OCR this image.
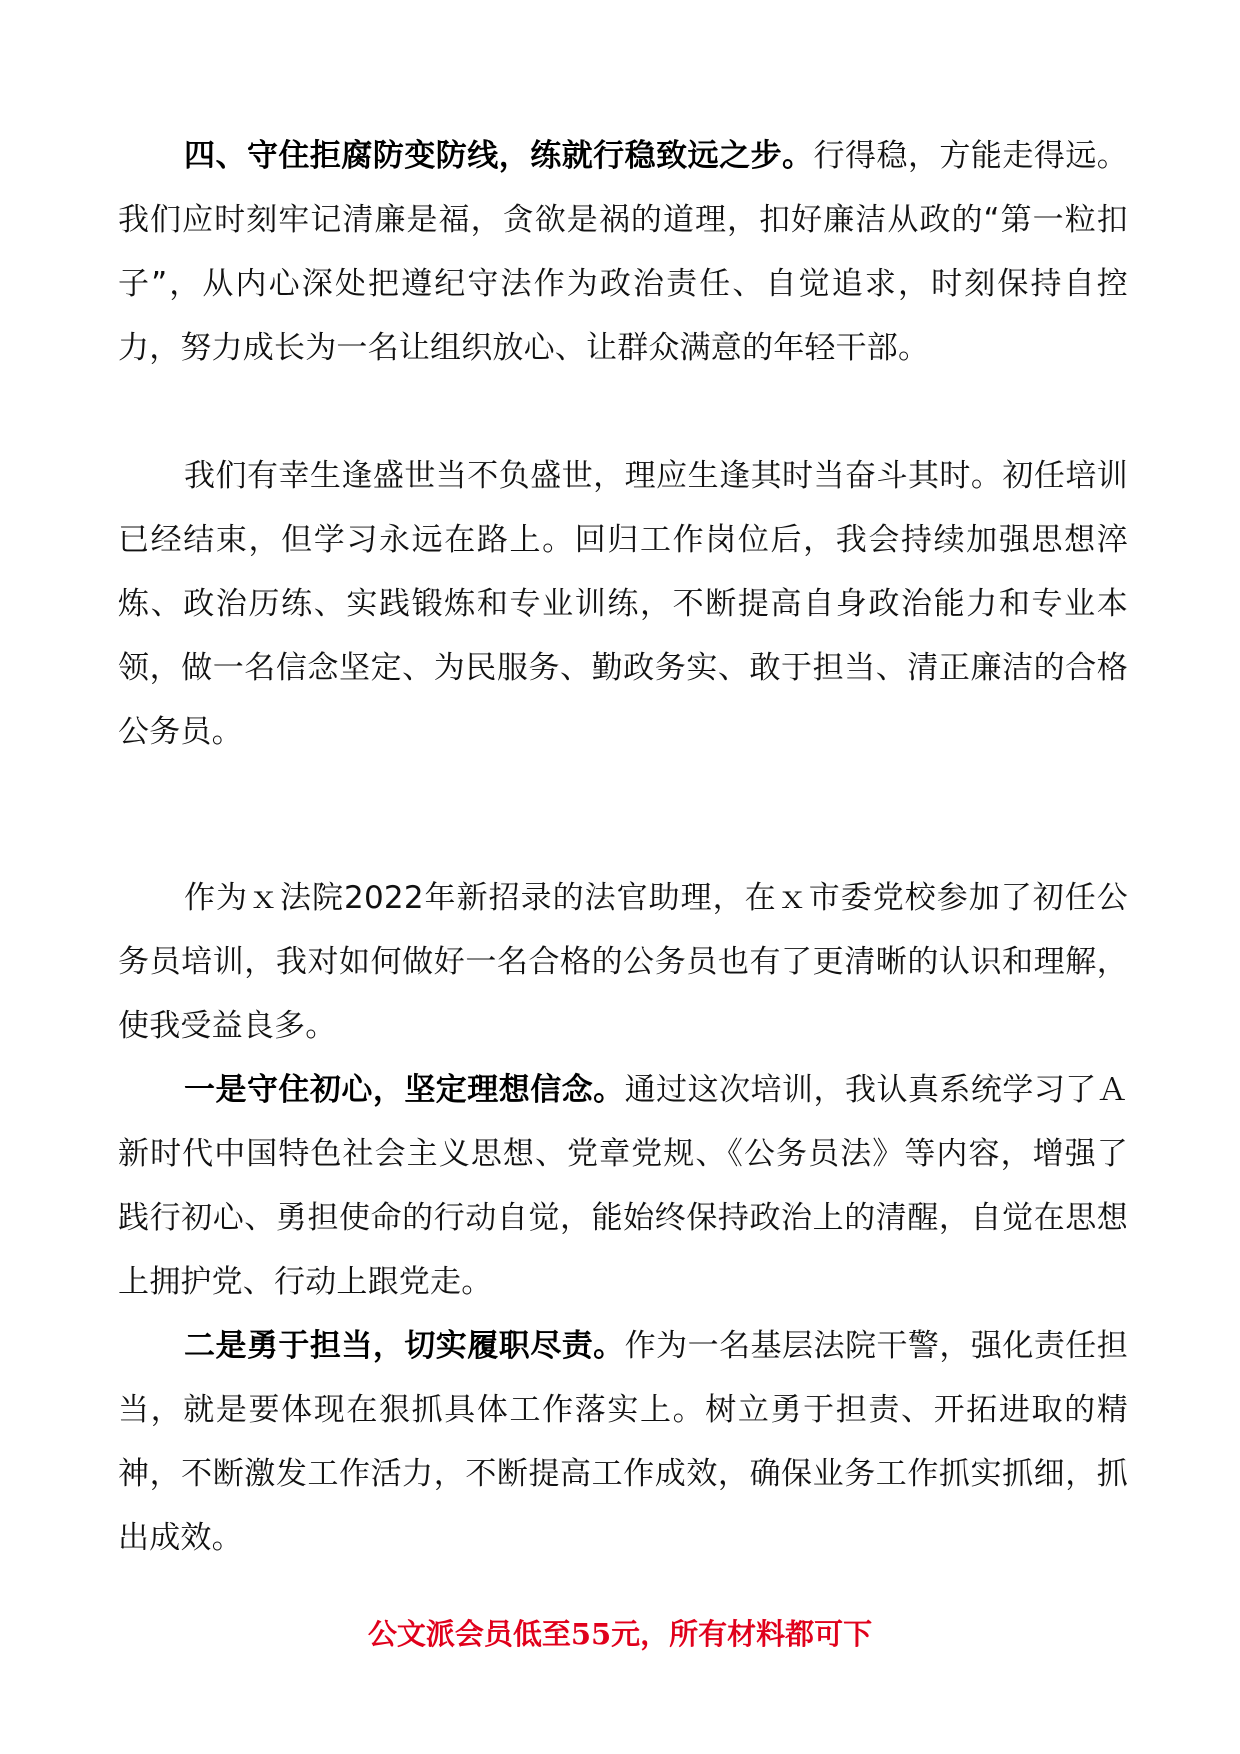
四、守住拒腐防变防线，练就行稳致远之步。行得稳，方能走得远。我们应时刻牢记清廉是福，贪欲是祸的道理，扣好廉洁从政的“第一粒扣子”，从内心深处把遵纪守法作为政治责任、自觉追求，时刻保持自控力，努力成长为一名让组织放心、让群众满意的年轻干部。

我们有幸生逢盛世当不负盛世，理应生逢其时当奋斗其时。初任培训已经结束，但学习永远在路上。回归工作岗位后，我会持续加强思想淬炼、政治历练、实践锻炼和专业训练，不断提高自身政治能力和专业本领，做一名信念坚定、为民服务、勤政务实、敢于担当、清正廉洁的合格公务员。

作为ｘ法院2022年新招录的法官助理，在ｘ市委党校参加了初任公务员培训，我对如何做好一名合格的公务员也有了更清晰的认识和理解，使我受益良多。

一是守住初心，坚定理想信念。通过这次培训，我认真系统学习了Ａ新时代中国特色社会主义思想、党章党规、《公务员法》等内容，增强了践行初心、勇担使命的行动自觉，能始终保持政治上的清醒，自觉在思想上拥护党、行动上跟党走。

二是勇于担当，切实履职尽责。作为一名基层法院干警，强化责任担当，就是要体现在狠抓具体工作落实上。树立勇于担责、开拓进取的精神，不断激发工作活力，不断提高工作成效，确保业务工作抓实抓细，抓出成效。

公文派会员低至55元，所有材料都可下
